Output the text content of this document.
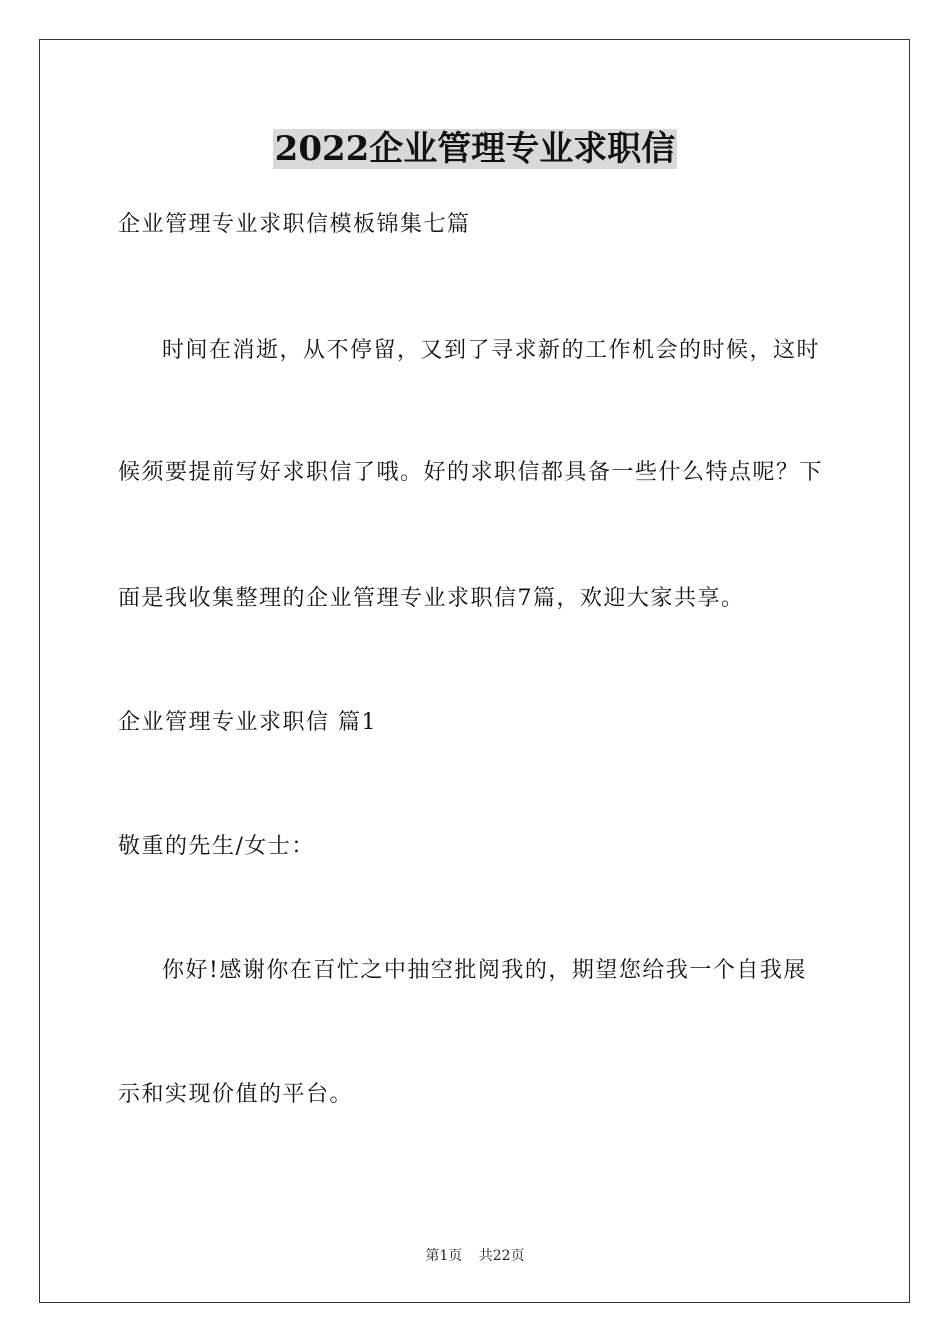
2022企业管理专业求职信

企业管理专业求职信模板锦集七篇

时间在消逝，从不停留，又到了寻求新的工作机会的时候，这时

候须要提前写好求职信了哦。好的求职信都具备一些什么特点呢？下

面是我收集整理的企业管理专业求职信7篇，欢迎大家共享。

企业管理专业求职信 篇1

敬重的先生/女士：

你好!感谢你在百忙之中抽空批阅我的，期望您给我一个自我展

示和实现价值的平台。

第1页 共22页
